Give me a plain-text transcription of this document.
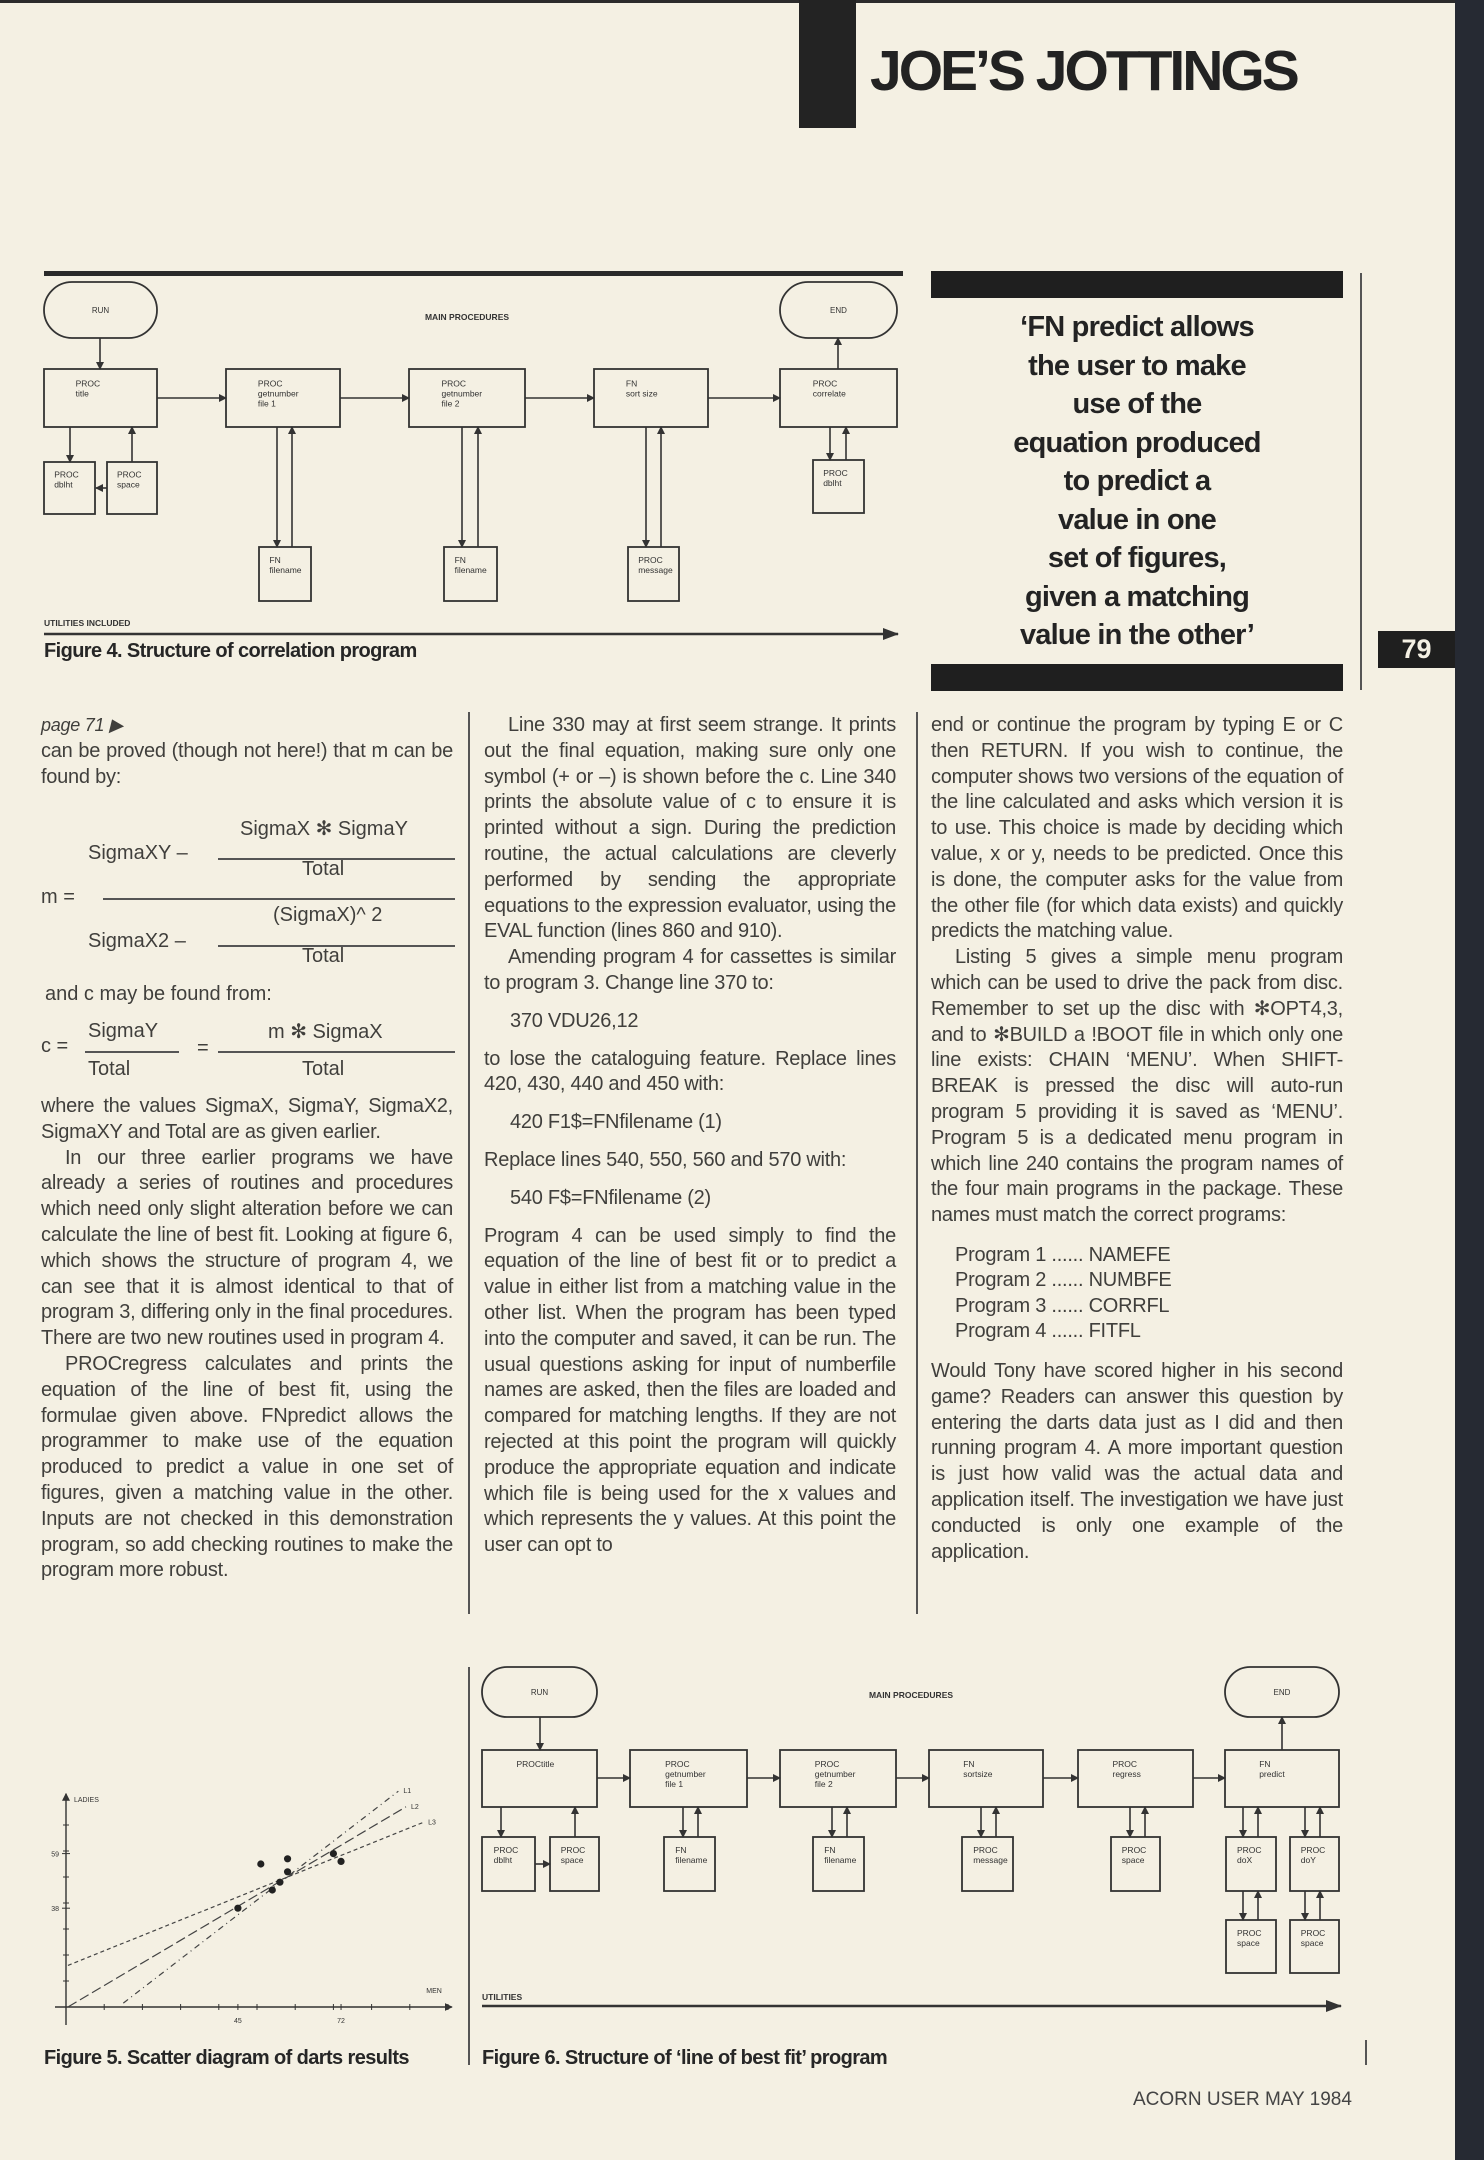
JOE’S JOTTINGS
‘FN predict allows
the user to make
use of the
equation produced
to predict a
value in one
set of figures,
given a matching
value in the other’	79
page 71 ▶

can be proved (though not here!) that m can be found by:

SigmaX ✻ SigmaY
SigmaXY –
Total
m =
(SigmaX)^ 2
SigmaX2 –
Total
and c may be found from:
c =
SigmaY
Total
=
m ✻ SigmaX
Total

where the values SigmaX, SigmaY, SigmaX2, SigmaXY and Total are as given earlier.

In our three earlier programs we have already a series of routines and procedures which need only slight alteration before we can calculate the line of best fit. Looking at figure 6, which shows the structure of program 4, we can see that it is almost identical to that of program 3, differing only in the final procedures. There are two new routines used in program 4.

PROCregress calculates and prints the equation of the line of best fit, using the formulae given above. FNpredict allows the programmer to make use of the equation produced to predict a value in one set of figures, given a matching value in the other. Inputs are not checked in this demonstration program, so add checking routines to make the program more robust.

Line 330 may at first seem strange. It prints out the final equation, making sure only one symbol (+ or –) is shown before the c. Line 340 prints the absolute value of c to ensure it is printed without a sign. During the prediction routine, the actual calculations are cleverly performed by sending the appropriate equations to the expression evaluator, using the EVAL function (lines 860 and 910).

Amending program 4 for cassettes is similar to program 3. Change line 370 to:

370 VDU26,12

to lose the cataloguing feature. Replace lines 420, 430, 440 and 450 with:

420 F1$=FNfilename (1)

Replace lines 540, 550, 560 and 570 with:

540 F$=FNfilename (2)

Program 4 can be used simply to find the equation of the line of best fit or to predict a value in either list from a matching value in the other list. When the program has been typed into the computer and saved, it can be run. The usual questions asking for input of numberfile names are asked, then the files are loaded and compared for matching lengths. If they are not rejected at this point the program will quickly produce the appropriate equation and indicate which file is being used for the x values and which represents the y values. At this point the user can opt to

end or continue the program by typing E or C then RETURN. If you wish to continue, the computer shows two versions of the equation of the line calculated and asks which version it is to use. This choice is made by deciding which value, x or y, needs to be predicted. Once this is done, the computer asks for the value from the other file (for which data exists) and quickly predicts the matching value.

Listing 5 gives a simple menu program which can be used to drive the pack from disc. Remember to set up the disc with ✻OPT4,3, and to ✻BUILD a !BOOT file in which only one line exists: CHAIN ‘MENU’. When SHIFT-BREAK is pressed the disc will auto-run program 5 providing it is saved as ‘MENU’. Program 5 is a dedicated menu program in which line 240 contains the program names of the four main programs in the package. These names must match the correct programs:

Program 1 ...... NAMEFE
Program 2 ...... NUMBFE
Program 3 ...... CORRFL
Program 4 ...... FITFL

Would Tony have scored higher in his second game? Readers can answer this question by entering the darts data just as I did and then running program 4. A more important question is just how valid was the actual data and application itself. The investigation we have just conducted is only one example of the application.

RUN	END
MAIN PROCEDURES
PROC
title
PROC
getnumber
file 1
PROC
getnumber
file 2
FN
sort size
PROC
correlate
PROC
dblht
PROC
space
FN
filename
FN
filename
PROC
message
PROC
dblht
UTILITIES INCLUDED
45	72
59
38
MEN
LADIES
L1
L2
L3
RUN	END
MAIN PROCEDURES
PROCtitle	PROC
getnumber
file 1
PROC
getnumber
file 2
FN
sortsize
PROC
regress
FN
predict
PROC
dblht
PROC
space
FN
filename
FN
filename
PROC
message
PROC
space
PROC
doX
PROC
doY
PROC
space
PROC
space
UTILITIES
Figure 4. Structure of correlation program
Figure 5. Scatter diagram of darts results	Figure 6. Structure of ‘line of best fit’ program
ACORN USER MAY 1984
